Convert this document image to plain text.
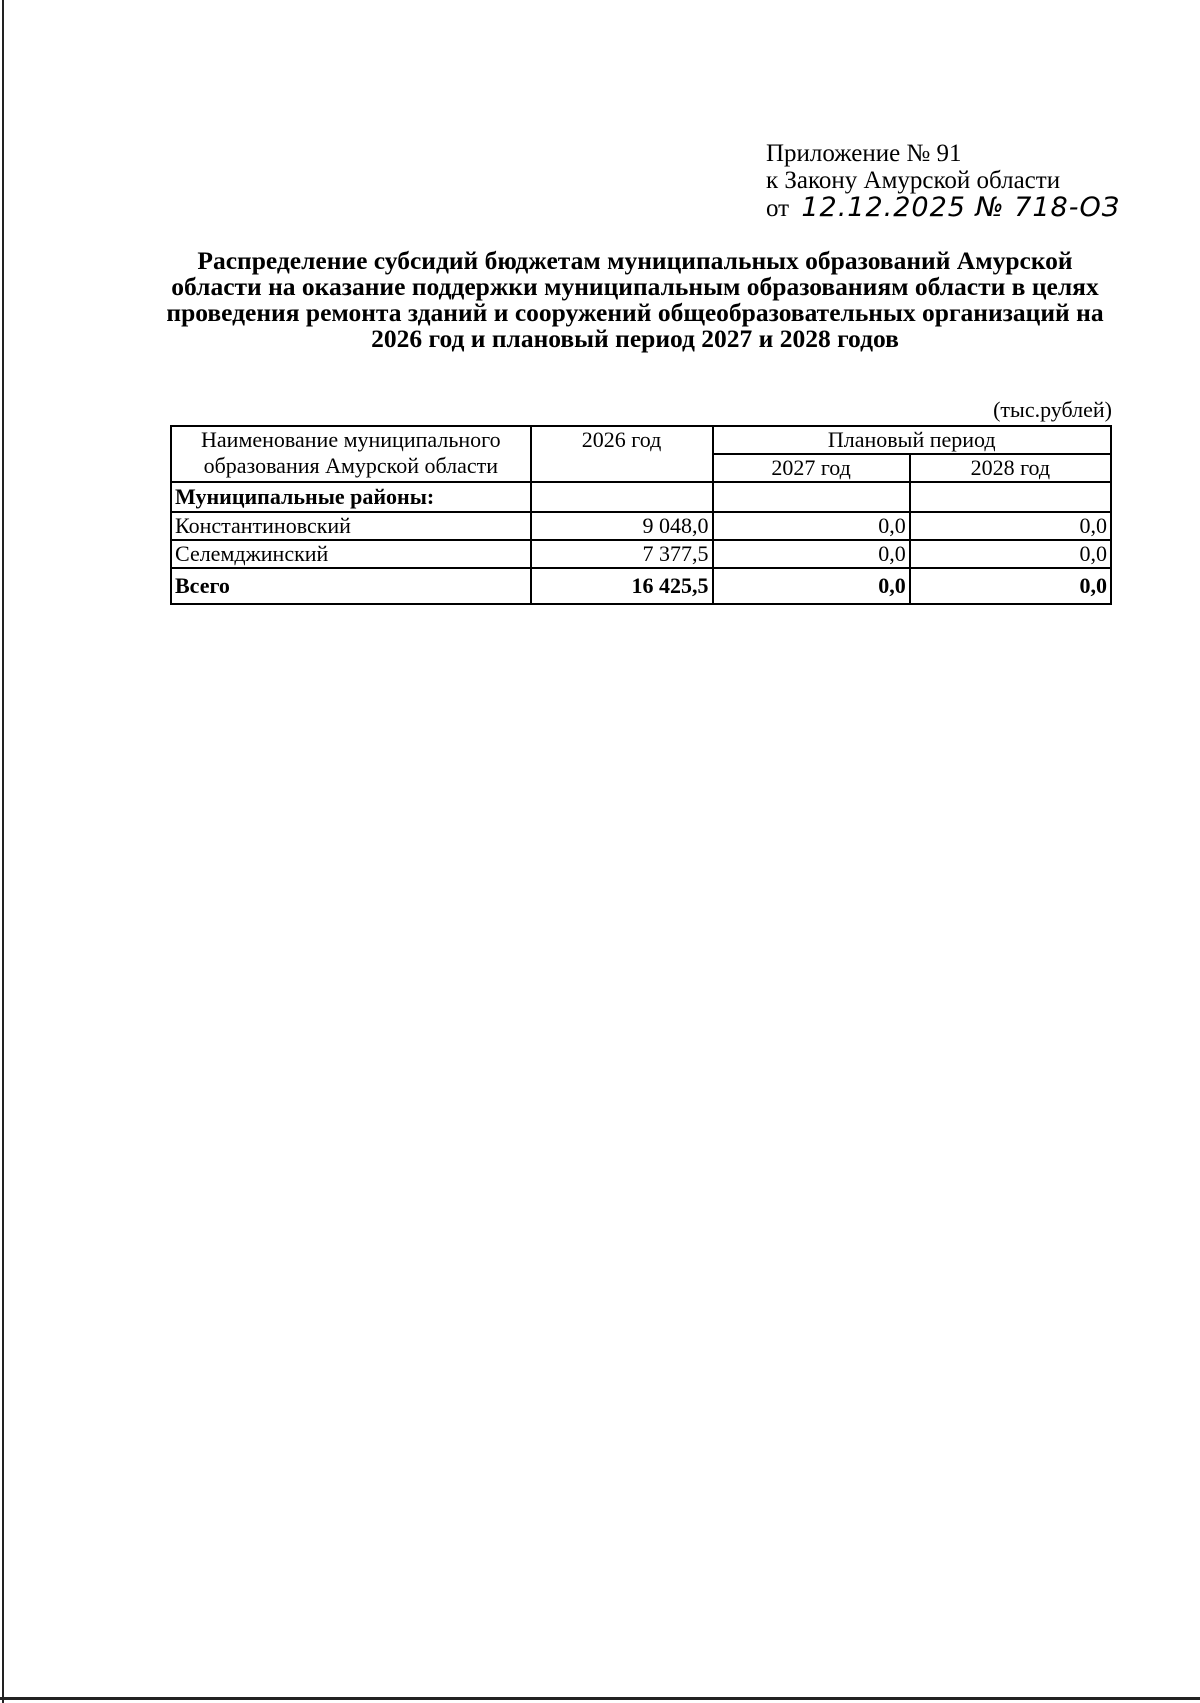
Приложение № 91
к Закону Амурской области
от 12.12.2025 № 718-ОЗ
Распределение субсидий бюджетам муниципальных образований Амурской области на оказание поддержки муниципальным образованиям области в целях проведения ремонта зданий и сооружений общеобразовательных организаций на 2026 год и плановый период 2027 и 2028 годов
(тыс.рублей)
Наименование муниципального
образования Амурской области	2026 год	Плановый период	
		2027 год	2028 год
Муниципальные районы:			
Константиновский	9 048,0	0,0	0,0
Селемджинский	7 377,5	0,0	0,0
Всего	16 425,5	0,0	0,0
